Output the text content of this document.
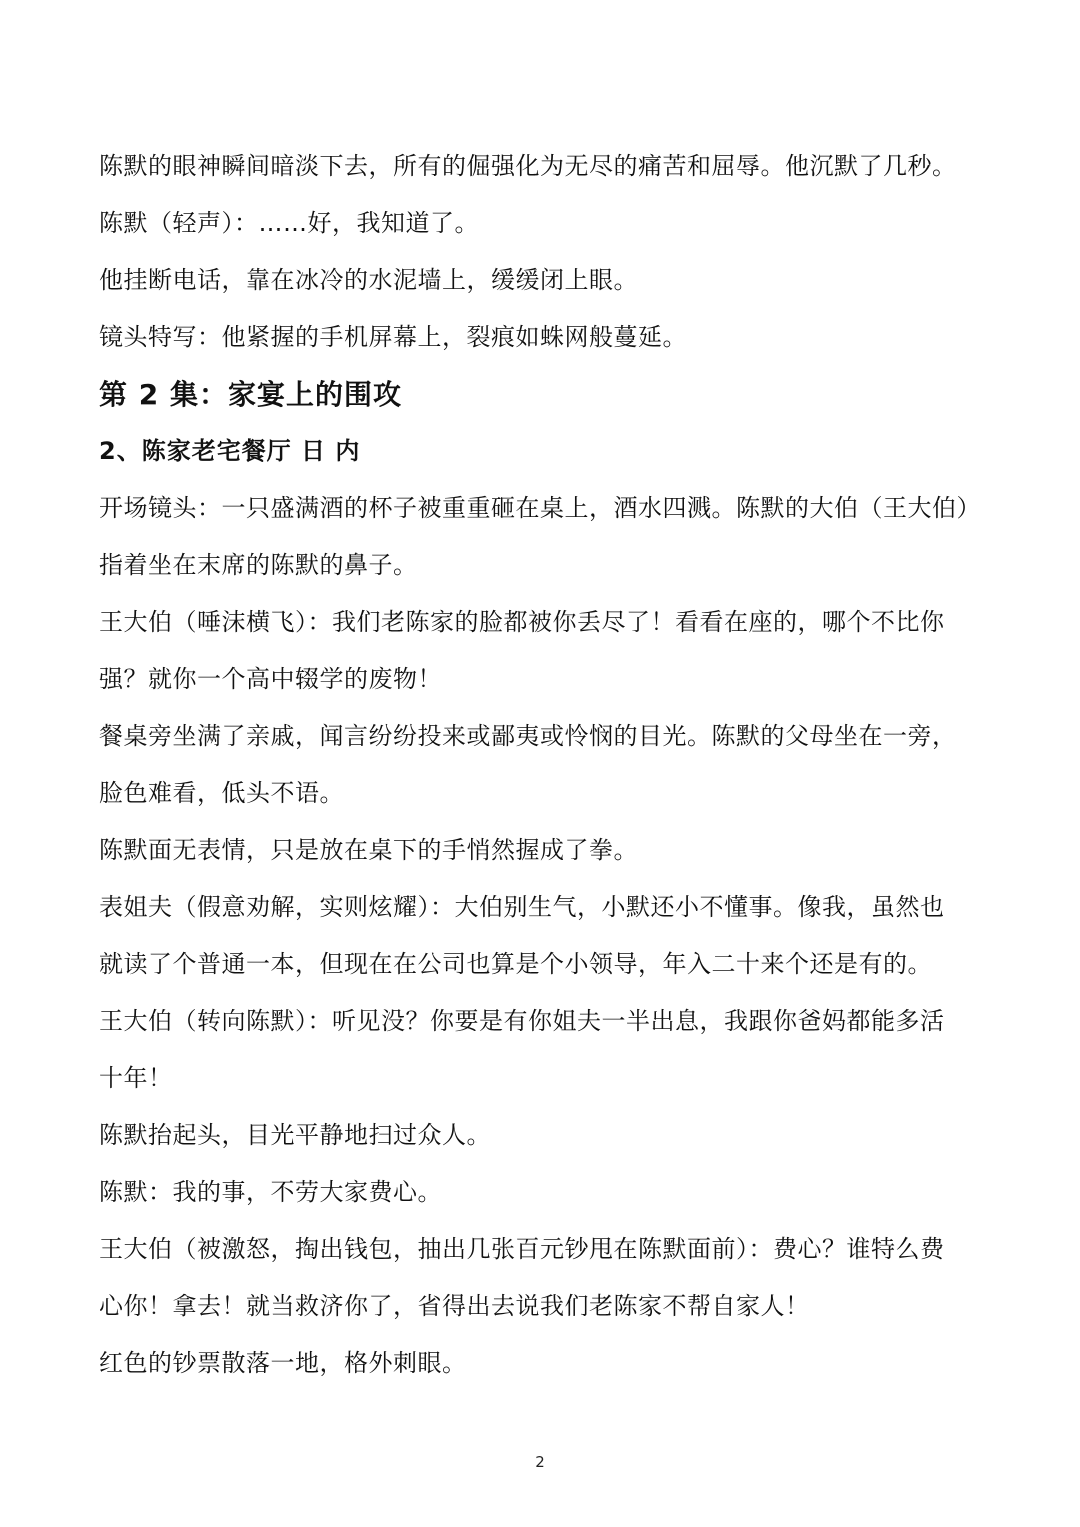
陈默的眼神瞬间暗淡下去，所有的倔强化为无尽的痛苦和屈辱。他沉默了几秒。
陈默（轻声）：……好，我知道了。
他挂断电话，靠在冰冷的水泥墙上，缓缓闭上眼。
镜头特写：他紧握的手机屏幕上，裂痕如蛛网般蔓延。
第 2 集：家宴上的围攻
2、陈家老宅餐厅 日 内
开场镜头：一只盛满酒的杯子被重重砸在桌上，酒水四溅。陈默的大伯（王大伯）
指着坐在末席的陈默的鼻子。
王大伯（唾沫横飞）：我们老陈家的脸都被你丢尽了！看看在座的，哪个不比你
强？就你一个高中辍学的废物！
餐桌旁坐满了亲戚，闻言纷纷投来或鄙夷或怜悯的目光。陈默的父母坐在一旁，
脸色难看，低头不语。
陈默面无表情，只是放在桌下的手悄然握成了拳。
表姐夫（假意劝解，实则炫耀）：大伯别生气，小默还小不懂事。像我，虽然也
就读了个普通一本，但现在在公司也算是个小领导，年入二十来个还是有的。
王大伯（转向陈默）：听见没？你要是有你姐夫一半出息，我跟你爸妈都能多活
十年！
陈默抬起头，目光平静地扫过众人。
陈默：我的事，不劳大家费心。
王大伯（被激怒，掏出钱包，抽出几张百元钞甩在陈默面前）：费心？谁特么费
心你！拿去！就当救济你了，省得出去说我们老陈家不帮自家人！
红色的钞票散落一地，格外刺眼。
2
